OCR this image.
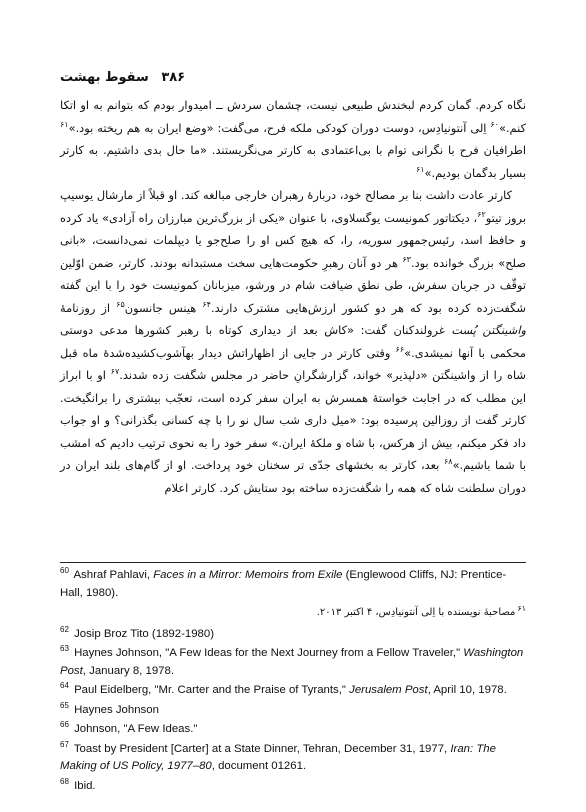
۳۸۶ سقوط بهشت

نگاه کردم. گمان کردم لبخندش طبیعی نیست، چشمان سردش ــ امیدوار بودم که بتوانم به او اتکا کنم.»$^{۶۰}$ اِلی آنتونیادِس، دوست دوران کودکی ملکه فرح، می‌گفت: «وضع ایران به هم ریخته بود.»$^{۶۱}$ اطرافیان فرح با نگرانی توام با بی‌اعتمادی به کارتر می‌نگریستند. «ما حال بدی داشتیم. به کارتر بسیار بدگمان بودیم.»$^{۶۱}$

کارتر عادت داشت بنا بر مصالح خود، دربارهٔ رهبران خارجی مبالغه کند. او قبلاً از مارشال یوسیپ بروز تیتو$^{۶۲}$، دیکتاتور کمونیست یوگسلاوی، با عنوان «یکی از بزرگ‌ترین مبارزان راه آزادی» یاد کرده و حافظ اسد، رئیس‌جمهور سوریه، را، که هیچ کس او را صلح‌جو یا دیپلمات نمی‌دانست، «بانی صلح» بزرگ خوانده بود.$^{۶۳}$ هر دو آنان رهبرِ حکومت‌هایی سخت مستبدانه بودند. کارتر، ضمن اوّلین توقّف در جریان سفرش، طی نطق ضیافت شام در ورشو، میزبانان کمونیست خود را با این گفته شگفت‌زده کرده بود که هر دو کشور ارزش‌هایی مشترک دارند.$^{۶۴}$ هینس جانسون$^{۶۵}$ از روزنامهٔ واشینگتن پُست غرولندکنان گفت: «کاش بعد از دیداری کوتاه با رهبر کشورها مدعی دوستی محکمی با آنها نمیشدی.»$^{۶۶}$ وقتی کارتر در جایی از اظهاراتش دیدار بهآشوب‌کشیده‌شدهٔ ماه قبل شاه را از واشینگتن «دلپذیر» خواند، گزارشگرانِ حاضر در مجلس شگفت زده شدند.$^{۶۷}$ او با ابراز این مطلب که در اجابت خواستهٔ همسرش به ایران سفر کرده است، تعجّب بیشتری را برانگیخت. کارتر گفت از روزالین پرسیده بود: «میل داری شب سال نو را با چه کسانی بگذرانی؟ و او جواب داد فکر میکنم، بیش از هرکس، با شاه و ملکهٔ ایران.» سفر خود را به نحوی ترتیب دادیم که امشب با شما باشیم.»$^{۶۸}$ بعد، کارتر به بخشهای جدّی تر سخنان خود پرداخت. او از گام‌های بلند ایران در دوران سلطنت شاه که همه را شگفت‌زده ساخته بود ستایش کرد. کارتر اعلام

$^{60}$ Ashraf Pahlavi, Faces in a Mirror: Memoirs from Exile (Englewood Cliffs, NJ: Prentice-Hall, 1980).

$^{۶۱}$مصاحبهٔ نویسنده با اِلی آنتونیادِس، ۴ اکتبر ۲۰۱۳.

$^{62}$ Josip Broz Tito (1892-1980)

$^{63}$ Haynes Johnson, "A Few Ideas for the Next Journey from a Fellow Traveler," Washington Post, January 8, 1978.

$^{64}$ Paul Eidelberg, "Mr. Carter and the Praise of Tyrants," Jerusalem Post, April 10, 1978.

$^{65}$ Haynes Johnson

$^{66}$ Johnson, "A Few Ideas."

$^{67}$ Toast by President [Carter] at a State Dinner, Tehran, December 31, 1977, Iran: The Making of US Policy, 1977–80, document 01261.

$^{68}$ Ibid.
